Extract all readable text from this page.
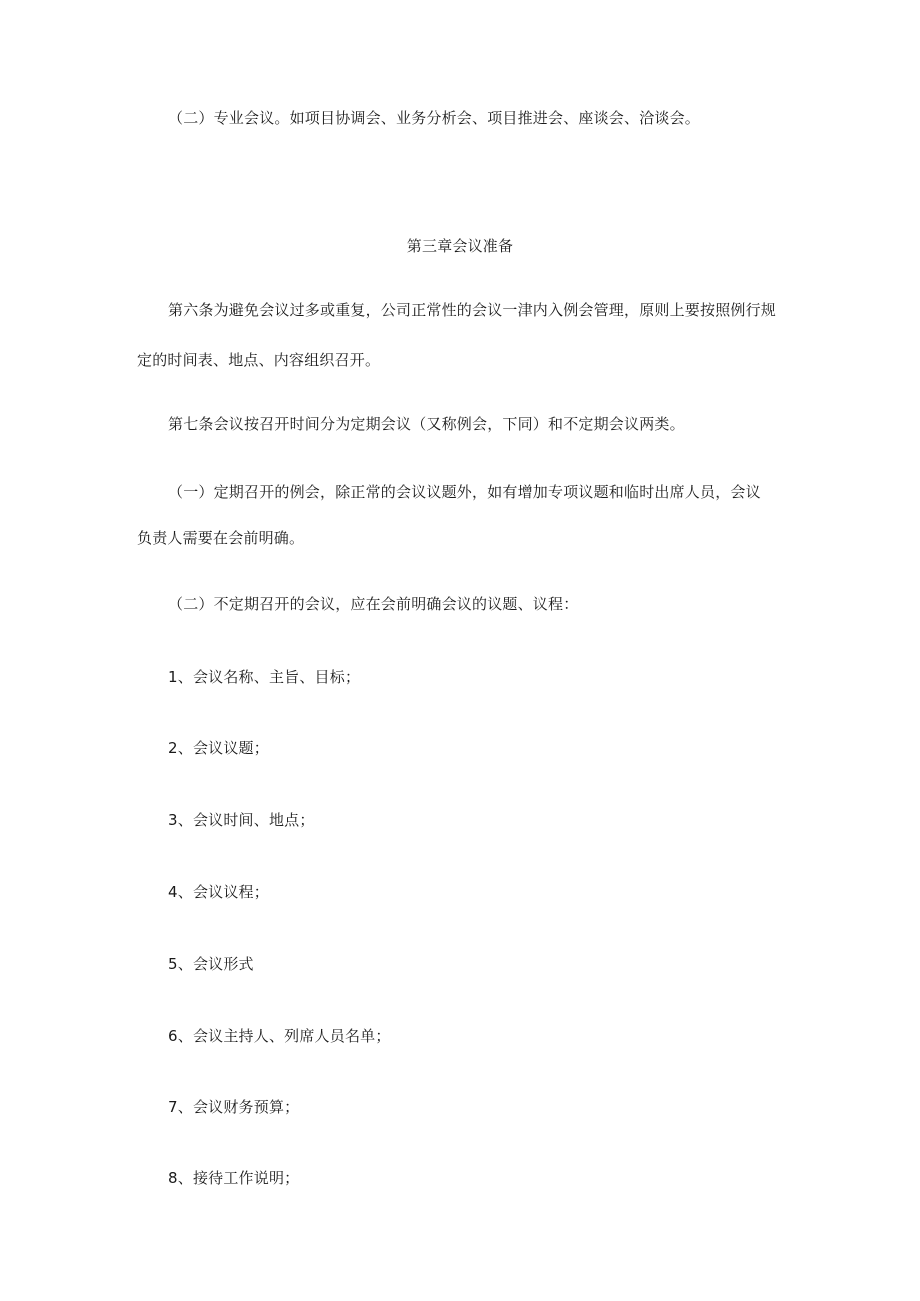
（二）专业会议。如项目协调会、业务分析会、项目推进会、座谈会、洽谈会。

第三章会议准备

第六条为避免会议过多或重复，公司正常性的会议一津内入例会管理，原则上要按照例行规

定的时间表、地点、内容组织召开。

第七条会议按召开时间分为定期会议（又称例会，下同）和不定期会议两类。

（一）定期召开的例会，除正常的会议议题外，如有增加专项议题和临时出席人员，会议

负责人需要在会前明确。

（二）不定期召开的会议，应在会前明确会议的议题、议程：

1、会议名称、主旨、目标；

2、会议议题；

3、会议时间、地点；

4、会议议程；

5、会议形式

6、会议主持人、列席人员名单；

7、会议财务预算；

8、接待工作说明；
